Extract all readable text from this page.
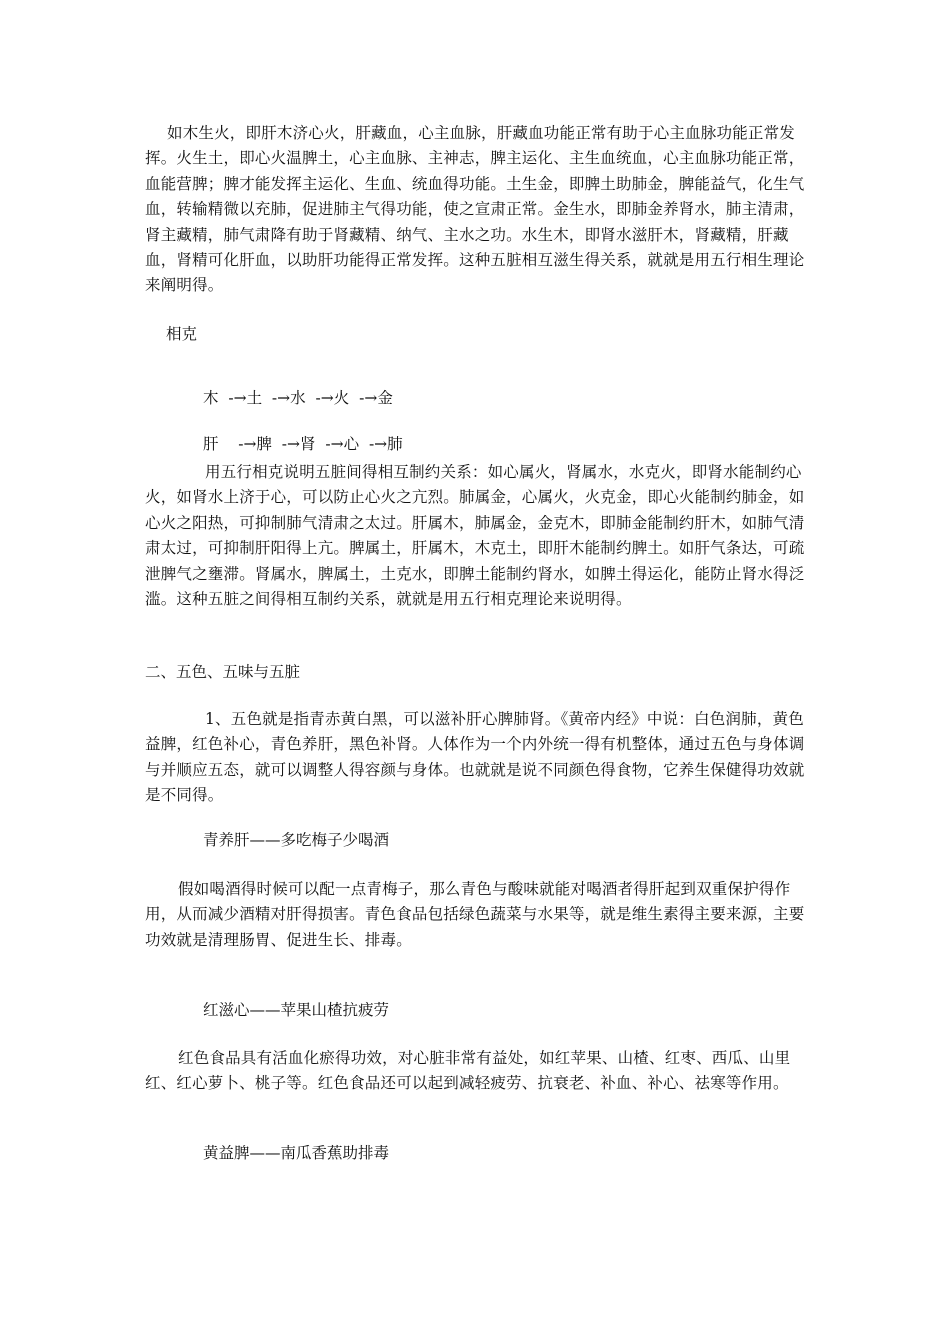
如木生火，即肝木济心火，肝藏血，心主血脉，肝藏血功能正常有助于心主血脉功能正常发挥。火生土，即心火温脾土，心主血脉、主神志，脾主运化、主生血统血，心主血脉功能正常，血能营脾；脾才能发挥主运化、生血、统血得功能。土生金，即脾土助肺金，脾能益气，化生气血，转输精微以充肺，促进肺主气得功能，使之宣肃正常。金生水，即肺金养肾水，肺主清肃，肾主藏精，肺气肃降有助于肾藏精、纳气、主水之功。水生木，即肾水滋肝木，肾藏精，肝藏血，肾精可化肝血，以助肝功能得正常发挥。这种五脏相互滋生得关系，就就是用五行相生理论来阐明得。

相克

木  -→土  -→水  -→火  -→金

肝    -→脾  -→肾  -→心  -→肺

用五行相克说明五脏间得相互制约关系：如心属火，肾属水，水克火，即肾水能制约心火，如肾水上济于心，可以防止心火之亢烈。肺属金，心属火，火克金，即心火能制约肺金，如心火之阳热，可抑制肺气清肃之太过。肝属木，肺属金，金克木，即肺金能制约肝木，如肺气清肃太过，可抑制肝阳得上亢。脾属土，肝属木，木克土，即肝木能制约脾土。如肝气条达，可疏泄脾气之壅滞。肾属水，脾属土，土克水，即脾土能制约肾水，如脾土得运化，能防止肾水得泛滥。这种五脏之间得相互制约关系，就就是用五行相克理论来说明得。

二、五色、五味与五脏

1、五色就是指青赤黄白黑，可以滋补肝心脾肺肾。《黄帝内经》中说：白色润肺，黄色益脾，红色补心，青色养肝，黑色补肾。人体作为一个内外统一得有机整体，通过五色与身体调与并顺应五态，就可以调整人得容颜与身体。也就就是说不同颜色得食物，它养生保健得功效就是不同得。

青养肝——多吃梅子少喝酒

假如喝酒得时候可以配一点青梅子，那么青色与酸味就能对喝酒者得肝起到双重保护得作用，从而减少酒精对肝得损害。青色食品包括绿色蔬菜与水果等，就是维生素得主要来源，主要功效就是清理肠胃、促进生长、排毒。

红滋心——苹果山楂抗疲劳

红色食品具有活血化瘀得功效，对心脏非常有益处，如红苹果、山楂、红枣、西瓜、山里红、红心萝卜、桃子等。红色食品还可以起到减轻疲劳、抗衰老、补血、补心、祛寒等作用。

黄益脾——南瓜香蕉助排毒
